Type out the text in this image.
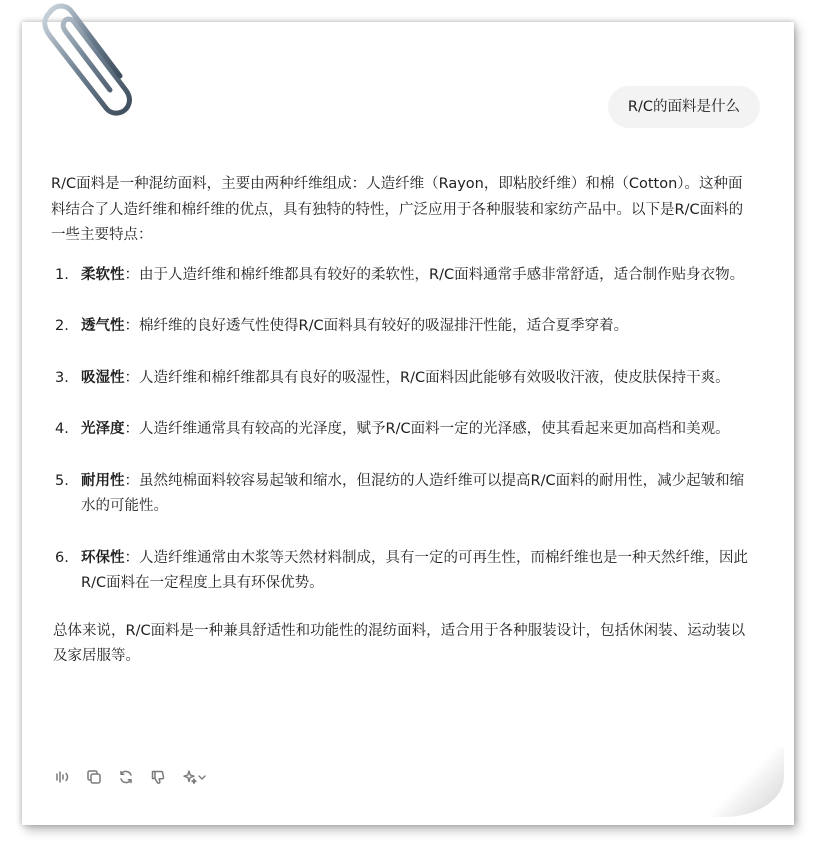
R/C的面料是什么

R/C面料是一种混纺面料，主要由两种纤维组成：人造纤维（Rayon，即粘胶纤维）和棉（Cotton）。这种面料结合了人造纤维和棉纤维的优点，具有独特的特性，广泛应用于各种服装和家纺产品中。以下是R/C面料的一些主要特点：

1. 柔软性：由于人造纤维和棉纤维都具有较好的柔软性，R/C面料通常手感非常舒适，适合制作贴身衣物。
2. 透气性：棉纤维的良好透气性使得R/C面料具有较好的吸湿排汗性能，适合夏季穿着。
3. 吸湿性：人造纤维和棉纤维都具有良好的吸湿性，R/C面料因此能够有效吸收汗液，使皮肤保持干爽。
4. 光泽度：人造纤维通常具有较高的光泽度，赋予R/C面料一定的光泽感，使其看起来更加高档和美观。
5. 耐用性：虽然纯棉面料较容易起皱和缩水，但混纺的人造纤维可以提高R/C面料的耐用性，减少起皱和缩水的可能性。
6. 环保性：人造纤维通常由木浆等天然材料制成，具有一定的可再生性，而棉纤维也是一种天然纤维，因此R/C面料在一定程度上具有环保优势。

总体来说，R/C面料是一种兼具舒适性和功能性的混纺面料，适合用于各种服装设计，包括休闲装、运动装以及家居服等。
